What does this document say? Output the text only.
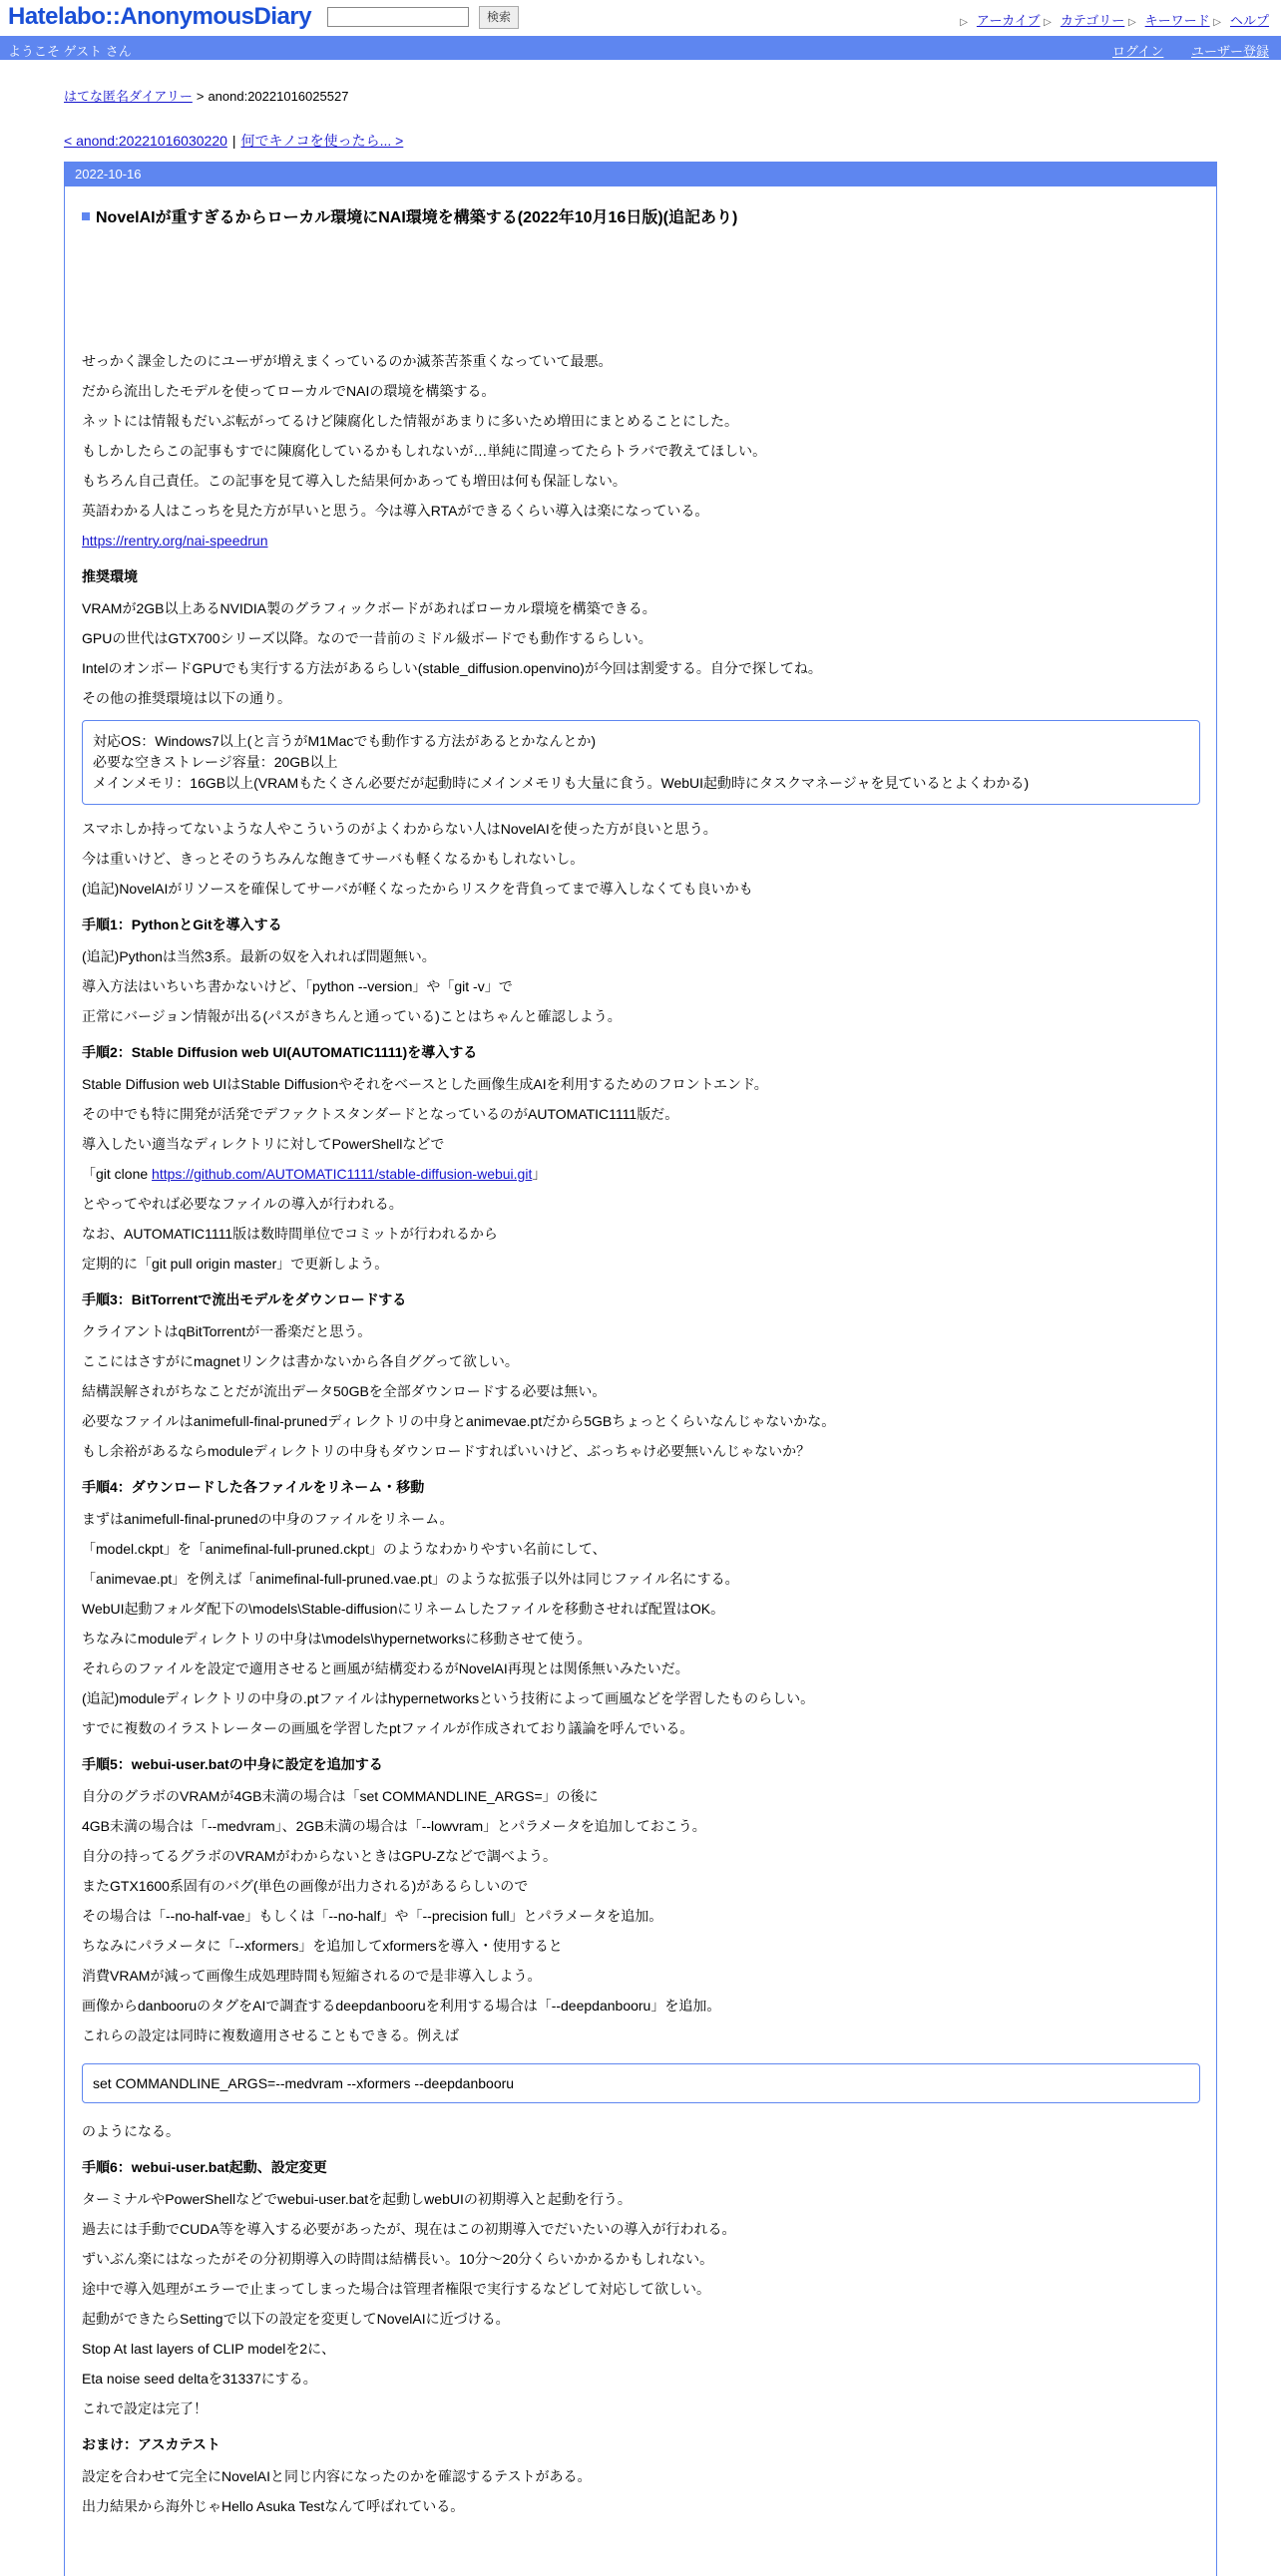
Hatelabo::AnonymousDiary	検索	▷ アーカイブ ▷ カテゴリー ▷ キーワード ▷ ヘルプ
ようこそ ゲスト さん	ログイン ユーザー登録
はてな匿名ダイアリー > anond:20221016025527
< anond:20221016030220 | 何でキノコを使ったら... >
2022-10-16
NovelAIが重すぎるからローカル環境にNAI環境を構築する(2022年10月16日版)(追記あり)

せっかく課金したのにユーザが増えまくっているのか滅茶苦茶重くなっていて最悪。

だから流出したモデルを使ってローカルでNAIの環境を構築する。

ネットには情報もだいぶ転がってるけど陳腐化した情報があまりに多いため増田にまとめることにした。

もしかしたらこの記事もすでに陳腐化しているかもしれないが…単純に間違ってたらトラバで教えてほしい。

もちろん自己責任。この記事を見て導入した結果何かあっても増田は何も保証しない。

英語わかる人はこっちを見た方が早いと思う。今は導入RTAができるくらい導入は楽になっている。

https://rentry.org/nai-speedrun

推奨環境

VRAMが2GB以上あるNVIDIA製のグラフィックボードがあればローカル環境を構築できる。

GPUの世代はGTX700シリーズ以降。なので一昔前のミドル級ボードでも動作するらしい。

IntelのオンボードGPUでも実行する方法があるらしい(stable_diffusion.openvino)が今回は割愛する。自分で探してね。

その他の推奨環境は以下の通り。

対応OS：Windows7以上(と言うがM1Macでも動作する方法があるとかなんとか)
必要な空きストレージ容量：20GB以上
メインメモリ：16GB以上(VRAMもたくさん必要だが起動時にメインメモリも大量に食う。WebUI起動時にタスクマネージャを見ているとよくわかる)

スマホしか持ってないような人やこういうのがよくわからない人はNovelAIを使った方が良いと思う。

今は重いけど、きっとそのうちみんな飽きてサーバも軽くなるかもしれないし。

(追記)NovelAIがリソースを確保してサーバが軽くなったからリスクを背負ってまで導入しなくても良いかも

手順1：PythonとGitを導入する

(追記)Pythonは当然3系。最新の奴を入れれば問題無い。

導入方法はいちいち書かないけど、「python --version」や「git -v」で

正常にバージョン情報が出る(パスがきちんと通っている)ことはちゃんと確認しよう。

手順2：Stable Diffusion web UI(AUTOMATIC1111)を導入する

Stable Diffusion web UIはStable Diffusionやそれをベースとした画像生成AIを利用するためのフロントエンド。

その中でも特に開発が活発でデファクトスタンダードとなっているのがAUTOMATIC1111版だ。

導入したい適当なディレクトリに対してPowerShellなどで

「git clone https://github.com/AUTOMATIC1111/stable-diffusion-webui.git」

とやってやれば必要なファイルの導入が行われる。

なお、AUTOMATIC1111版は数時間単位でコミットが行われるから

定期的に「git pull origin master」で更新しよう。

手順3：BitTorrentで流出モデルをダウンロードする

クライアントはqBitTorrentが一番楽だと思う。

ここにはさすがにmagnetリンクは書かないから各自ググって欲しい。

結構誤解されがちなことだが流出データ50GBを全部ダウンロードする必要は無い。

必要なファイルはanimefull-final-prunedディレクトリの中身とanimevae.ptだから5GBちょっとくらいなんじゃないかな。

もし余裕があるならmoduleディレクトリの中身もダウンロードすればいいけど、ぶっちゃけ必要無いんじゃないか？

手順4：ダウンロードした各ファイルをリネーム・移動

まずはanimefull-final-prunedの中身のファイルをリネーム。

「model.ckpt」を「animefinal-full-pruned.ckpt」のようなわかりやすい名前にして、

「animevae.pt」を例えば「animefinal-full-pruned.vae.pt」のような拡張子以外は同じファイル名にする。

WebUI起動フォルダ配下の\models\Stable-diffusionにリネームしたファイルを移動させれば配置はOK。

ちなみにmoduleディレクトリの中身は\models\hypernetworksに移動させて使う。

それらのファイルを設定で適用させると画風が結構変わるがNovelAI再現とは関係無いみたいだ。

(追記)moduleディレクトリの中身の.ptファイルはhypernetworksという技術によって画風などを学習したものらしい。

すでに複数のイラストレーターの画風を学習したptファイルが作成されており議論を呼んでいる。

手順5：webui-user.batの中身に設定を追加する

自分のグラボのVRAMが4GB未満の場合は「set COMMANDLINE_ARGS=」の後に

4GB未満の場合は「--medvram」、2GB未満の場合は「--lowvram」とパラメータを追加しておこう。

自分の持ってるグラボのVRAMがわからないときはGPU-Zなどで調べよう。

またGTX1600系固有のバグ(単色の画像が出力される)があるらしいので

その場合は「--no-half-vae」もしくは「--no-half」や「--precision full」とパラメータを追加。

ちなみにパラメータに「--xformers」を追加してxformersを導入・使用すると

消費VRAMが減って画像生成処理時間も短縮されるので是非導入しよう。

画像からdanbooruのタグをAIで調査するdeepdanbooruを利用する場合は「--deepdanbooru」を追加。

これらの設定は同時に複数適用させることもできる。例えば

set COMMANDLINE_ARGS=--medvram --xformers --deepdanbooru

のようになる。

手順6：webui-user.bat起動、設定変更

ターミナルやPowerShellなどでwebui-user.batを起動しwebUIの初期導入と起動を行う。

過去には手動でCUDA等を導入する必要があったが、現在はこの初期導入でだいたいの導入が行われる。

ずいぶん楽にはなったがその分初期導入の時間は結構長い。10分～20分くらいかかるかもしれない。

途中で導入処理がエラーで止まってしまった場合は管理者権限で実行するなどして対応して欲しい。

起動ができたらSettingで以下の設定を変更してNovelAIに近づける。

Stop At last layers of CLIP modelを2に、

Eta noise seed deltaを31337にする。

これで設定は完了！

おまけ：アスカテスト

設定を合わせて完全にNovelAIと同じ内容になったのかを確認するテストがある。

出力結果から海外じゃHello Asuka Testなんて呼ばれている。
